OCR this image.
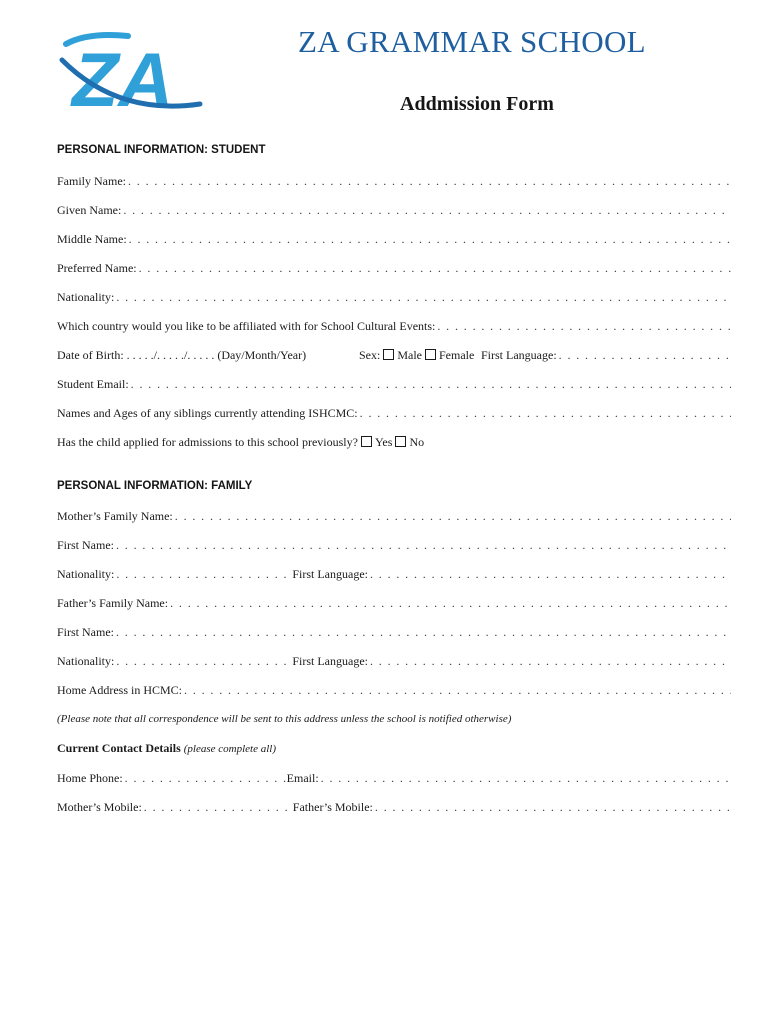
ZA	ZA GRAMMAR SCHOOL
Addmission Form
PERSONAL INFORMATION: STUDENT
Family Name:
. . .
Given Name:
. . .
Middle Name:
. . .
Preferred Name:
. . .
Nationality:
. . .
Which country would you like to be affiliated with for School Cultural Events:
. . .
Date of Birth: . . . . ./. . . . ./. . . . . (Day/Month/Year)	Sex: Male Female First Language:
. . .
Student Email:
. . .
Names and Ages of any siblings currently attending ISHCMC:
. . .
Has the child applied for admissions to this school previously? Yes No
PERSONAL INFORMATION: FAMILY
Mother’s Family Name:
. . .
First Name:
. . .
Nationality: . . .	First Language:
. . .
Father’s Family Name:
. . .
First Name:
. . .
Nationality: . . .	First Language:
. . .
Home Address in HCMC:
. . .
(Please note that all correspondence will be sent to this address unless the school is notified otherwise)
Current Contact Details (please complete all)
Home Phone: . . .	Email:
. . .
Mother’s Mobile: . . .	Father’s Mobile:
. . .
